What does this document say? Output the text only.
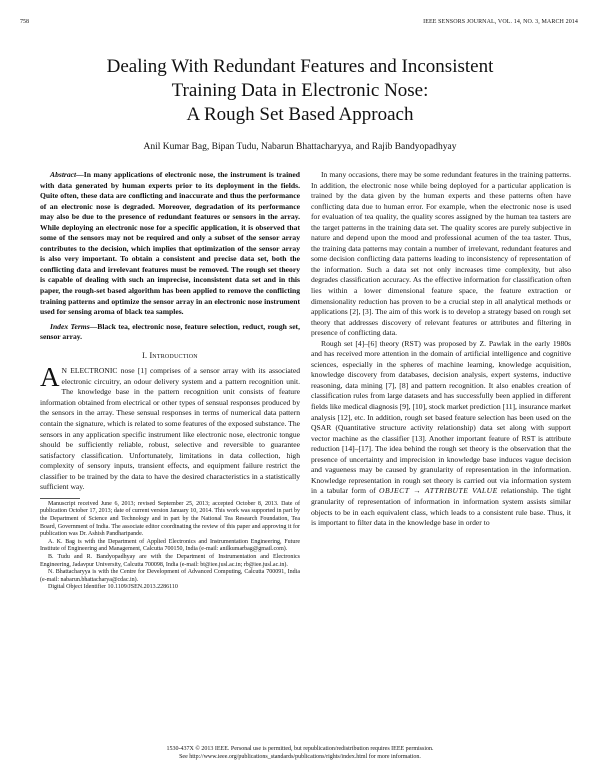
758	IEEE SENSORS JOURNAL, VOL. 14, NO. 3, MARCH 2014
Dealing With Redundant Features and Inconsistent
Training Data in Electronic Nose:
A Rough Set Based Approach
Anil Kumar Bag, Bipan Tudu, Nabarun Bhattacharyya, and Rajib Bandyopadhyay

Abstract—In many applications of electronic nose, the instrument is trained with data generated by human experts prior to its deployment in the fields. Quite often, these data are conflicting and inaccurate and thus the performance of an electronic nose is degraded. Moreover, degradation of its performance may also be due to the presence of redundant features or sensors in the array. While deploying an electronic nose for a specific application, it is observed that some of the sensors may not be required and only a subset of the sensor array contributes to the decision, which implies that optimization of the sensor array is also very important. To obtain a consistent and precise data set, both the conflicting data and irrelevant features must be removed. The rough set theory is capable of dealing with such an imprecise, inconsistent data set and in this paper, the rough-set based algorithm has been applied to remove the conflicting training patterns and optimize the sensor array in an electronic nose instrument used for sensing aroma of black tea samples.

Index Terms—Black tea, electronic nose, feature selection, reduct, rough set, sensor array.

I. Introduction

A N ELECTRONIC nose [1] comprises of a sensor array with its associated electronic circuitry, an odour delivery system and a pattern recognition unit. The knowledge base in the pattern recognition unit consists of feature information obtained from electrical or other types of sensual responses produced by the sensors in the array. These sensual responses in terms of numerical data pattern contain the signature, which is related to some features of the exposed substance. The sensors in any application specific instrument like electronic nose, electronic tongue should be sufficiently reliable, robust, selective and reversible to guarantee satisfactory classification. Unfortunately, limitations in data collection, high complexity of sensory inputs, transient effects, and equipment failure restrict the classifier to be trained by the data to have the desired characteristics in a statistically sufficient way.

Manuscript received June 6, 2013; revised September 25, 2013; accepted October 8, 2013. Date of publication October 17, 2013; date of current version January 10, 2014. This work was supported in part by the Department of Science and Technology and in part by the National Tea Research Foundation, Tea Board, Government of India. The associate editor coordinating the review of this paper and approving it for publication was Dr. Ashish Pandharipande.

A. K. Bag is with the Department of Applied Electronics and Instrumentation Engineering, Future Institute of Engineering and Management, Calcutta 700150, India (e-mail: anilkumarbag@gmail.com).

B. Tudu and R. Bandyopadhyay are with the Department of Instrumentation and Electronics Engineering, Jadavpur University, Calcutta 700098, India (e-mail: bt@iee.jusl.ac.in; rb@iee.jusl.ac.in).

N. Bhattacharyya is with the Centre for Development of Advanced Computing, Calcutta 700091, India (e-mail: nabarun.bhattacharya@cdac.in).

Digital Object Identifier 10.1109/JSEN.2013.2286110

In many occasions, there may be some redundant features in the training patterns. In addition, the electronic nose while being deployed for a particular application is trained by the data given by the human experts and these patterns often have conflicting data due to human error. For example, when the electronic nose is used for evaluation of tea quality, the quality scores assigned by the human tea tasters are the target patterns in the training data set. The quality scores are purely subjective in nature and depend upon the mood and professional acumen of the tea taster. Thus, the training data patterns may contain a number of irrelevant, redundant features and some decision conflicting data patterns leading to inconsistency of representation of the information. Such a data set not only increases time complexity, but also degrades classification accuracy. As the effective information for classification often lies within a lower dimensional feature space, the feature extraction or dimensionality reduction has proven to be a crucial step in all analytical methods or applications [2], [3]. The aim of this work is to develop a strategy based on rough set theory that addresses discovery of relevant features or attributes and filtering in presence of conflicting data.

Rough set [4]–[6] theory (RST) was proposed by Z. Pawlak in the early 1980s and has received more attention in the domain of artificial intelligence and cognitive sciences, especially in the spheres of machine learning, knowledge acquisition, knowledge discovery from databases, decision analysis, expert systems, inductive reasoning, data mining [7], [8] and pattern recognition. It also enables creation of classification rules from large datasets and has successfully been applied in different fields like medical diagnosis [9], [10], stock market prediction [11], insurance market analysis [12], etc. In addition, rough set based feature selection has been used on the QSAR (Quantitative structure activity relationship) data set along with support vector machine as the classifier [13]. Another important feature of RST is attribute reduction [14]–[17]. The idea behind the rough set theory is the observation that the presence of uncertainty and imprecision in knowledge base induces vague decision and vagueness may be caused by granularity of representation in the information. Knowledge representation in rough set theory is carried out via information system in a tabular form of OBJECT → ATTRIBUTE VALUE relationship. The tight granularity of representation of information in information system assists similar objects to be in each equivalent class, which leads to a consistent rule base. Thus, it is important to filter data in the knowledge base in order to

1530-437X © 2013 IEEE. Personal use is permitted, but republication/redistribution requires IEEE permission.
See http://www.ieee.org/publications_standards/publications/rights/index.html for more information.
